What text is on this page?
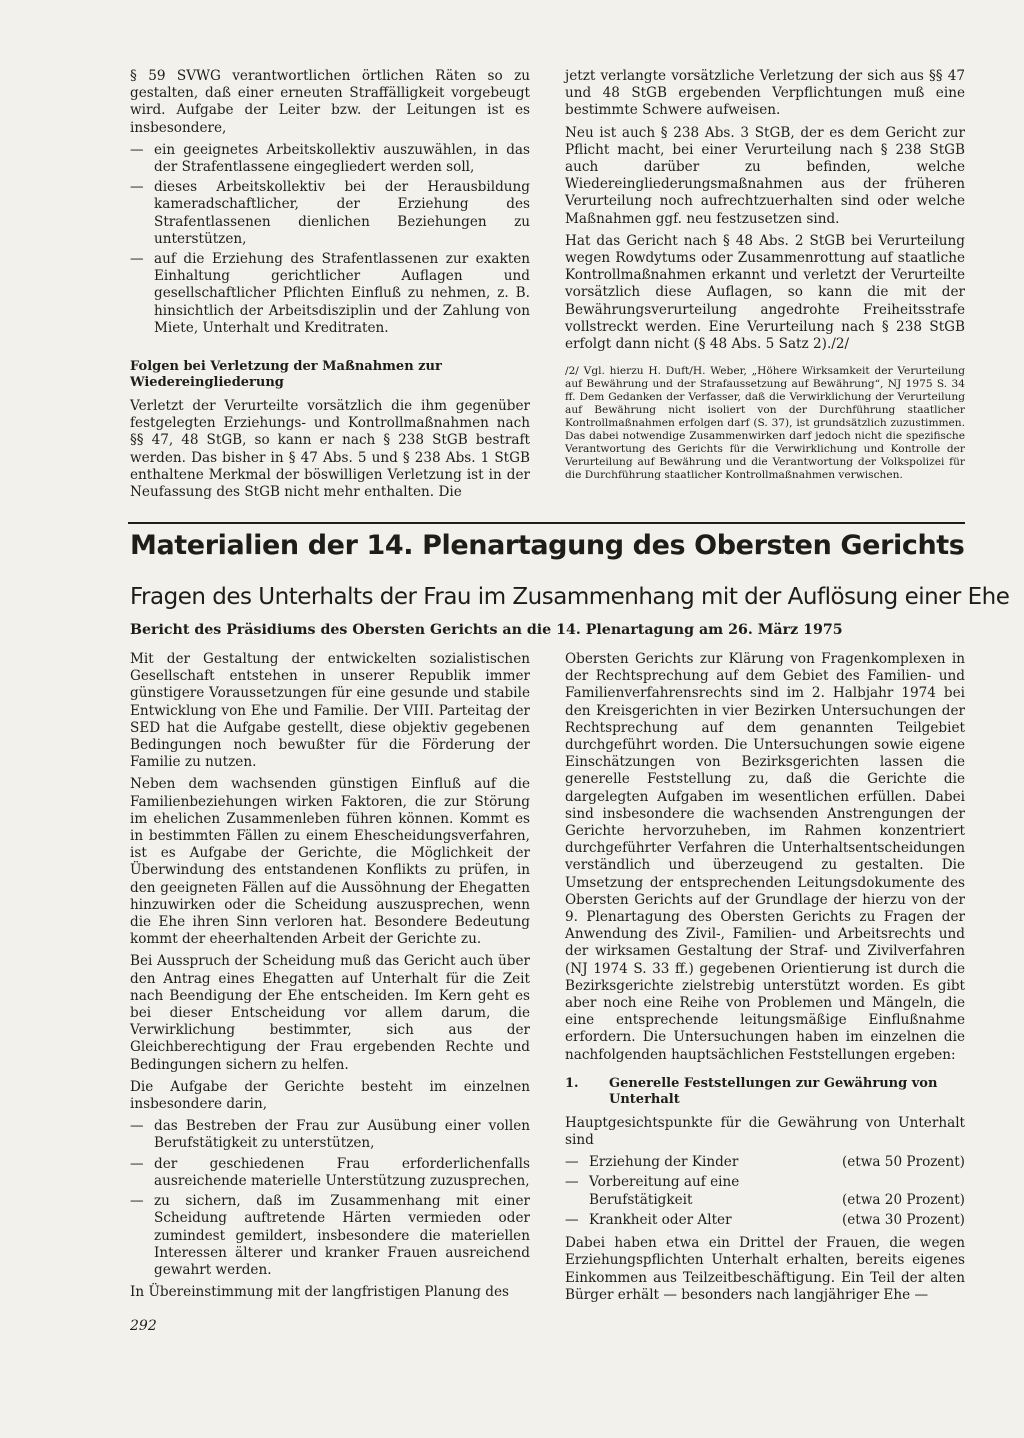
§ 59 SVWG verantwortlichen örtlichen Räten so zu gestalten, daß einer erneuten Straffälligkeit vorgebeugt wird. Aufgabe der Leiter bzw. der Leitungen ist es insbesondere,

— ein geeignetes Arbeitskollektiv auszuwählen, in das der Strafentlassene eingegliedert werden soll,
— dieses Arbeitskollektiv bei der Herausbildung kameradschaftlicher, der Erziehung des Strafentlassenen dienlichen Beziehungen zu unterstützen,
— auf die Erziehung des Strafentlassenen zur exakten Einhaltung gerichtlicher Auflagen und gesellschaftlicher Pflichten Einfluß zu nehmen, z. B. hinsichtlich der Arbeitsdisziplin und der Zahlung von Miete, Unterhalt und Kreditraten.
Folgen bei Verletzung der Maßnahmen zur Wiedereingliederung

Verletzt der Verurteilte vorsätzlich die ihm gegenüber festgelegten Erziehungs- und Kontrollmaßnahmen nach §§ 47, 48 StGB, so kann er nach § 238 StGB bestraft werden. Das bisher in § 47 Abs. 5 und § 238 Abs. 1 StGB enthaltene Merkmal der böswilligen Verletzung ist in der Neufassung des StGB nicht mehr enthalten. Die

jetzt verlangte vorsätzliche Verletzung der sich aus §§ 47 und 48 StGB ergebenden Verpflichtungen muß eine bestimmte Schwere aufweisen.

Neu ist auch § 238 Abs. 3 StGB, der es dem Gericht zur Pflicht macht, bei einer Verurteilung nach § 238 StGB auch darüber zu befinden, welche Wiedereingliederungsmaßnahmen aus der früheren Verurteilung noch aufrechtzuerhalten sind oder welche Maßnahmen ggf. neu festzusetzen sind.

Hat das Gericht nach § 48 Abs. 2 StGB bei Verurteilung wegen Rowdytums oder Zusammenrottung auf staatliche Kontrollmaßnahmen erkannt und verletzt der Verurteilte vorsätzlich diese Auflagen, so kann die mit der Bewährungsverurteilung angedrohte Freiheitsstrafe vollstreckt werden. Eine Verurteilung nach § 238 StGB erfolgt dann nicht (§ 48 Abs. 5 Satz 2)./2/

/2/ Vgl. hierzu H. Duft/H. Weber, „Höhere Wirksamkeit der Verurteilung auf Bewährung und der Strafaussetzung auf Bewährung“, NJ 1975 S. 34 ff. Dem Gedanken der Verfasser, daß die Verwirklichung der Verurteilung auf Bewährung nicht isoliert von der Durchführung staatlicher Kontrollmaßnahmen erfolgen darf (S. 37), ist grundsätzlich zuzustimmen. Das dabei notwendige Zusammenwirken darf jedoch nicht die spezifische Verantwortung des Gerichts für die Verwirklichung und Kontrolle der Verurteilung auf Bewährung und die Verantwortung der Volkspolizei für die Durchführung staatlicher Kontrollmaßnahmen verwischen.
Materialien der 14. Plenartagung des Obersten Gerichts
Fragen des Unterhalts der Frau im Zusammenhang mit der Auflösung einer Ehe
Bericht des Präsidiums des Obersten Gerichts an die 14. Plenartagung am 26. März 1975

Mit der Gestaltung der entwickelten sozialistischen Gesellschaft entstehen in unserer Republik immer günstigere Voraussetzungen für eine gesunde und stabile Entwicklung von Ehe und Familie. Der VIII. Parteitag der SED hat die Aufgabe gestellt, diese objektiv gegebenen Bedingungen noch bewußter für die Förderung der Familie zu nutzen.

Neben dem wachsenden günstigen Einfluß auf die Familienbeziehungen wirken Faktoren, die zur Störung im ehelichen Zusammenleben führen können. Kommt es in bestimmten Fällen zu einem Ehescheidungsverfahren, ist es Aufgabe der Gerichte, die Möglichkeit der Überwindung des entstandenen Konflikts zu prüfen, in den geeigneten Fällen auf die Aussöhnung der Ehegatten hinzuwirken oder die Scheidung auszusprechen, wenn die Ehe ihren Sinn verloren hat. Besondere Bedeutung kommt der eheerhaltenden Arbeit der Gerichte zu.

Bei Ausspruch der Scheidung muß das Gericht auch über den Antrag eines Ehegatten auf Unterhalt für die Zeit nach Beendigung der Ehe entscheiden. Im Kern geht es bei dieser Entscheidung vor allem darum, die Verwirklichung bestimmter, sich aus der Gleichberechtigung der Frau ergebenden Rechte und Bedingungen sichern zu helfen.

Die Aufgabe der Gerichte besteht im einzelnen insbesondere darin,

— das Bestreben der Frau zur Ausübung einer vollen Berufstätigkeit zu unterstützen,
— der geschiedenen Frau erforderlichenfalls ausreichende materielle Unterstützung zuzusprechen,
— zu sichern, daß im Zusammenhang mit einer Scheidung auftretende Härten vermieden oder zumindest gemildert, insbesondere die materiellen Interessen älterer und kranker Frauen ausreichend gewahrt werden.

In Übereinstimmung mit der langfristigen Planung des

Obersten Gerichts zur Klärung von Fragenkomplexen in der Rechtsprechung auf dem Gebiet des Familien- und Familienverfahrensrechts sind im 2. Halbjahr 1974 bei den Kreisgerichten in vier Bezirken Untersuchungen der Rechtsprechung auf dem genannten Teilgebiet durchgeführt worden. Die Untersuchungen sowie eigene Einschätzungen von Bezirksgerichten lassen die generelle Feststellung zu, daß die Gerichte die dargelegten Aufgaben im wesentlichen erfüllen. Dabei sind insbesondere die wachsenden Anstrengungen der Gerichte hervorzuheben, im Rahmen konzentriert durchgeführter Verfahren die Unterhaltsentscheidungen verständlich und überzeugend zu gestalten. Die Umsetzung der entsprechenden Leitungsdokumente des Obersten Gerichts auf der Grundlage der hierzu von der 9. Plenartagung des Obersten Gerichts zu Fragen der Anwendung des Zivil-, Familien- und Arbeitsrechts und der wirksamen Gestaltung der Straf- und Zivilverfahren (NJ 1974 S. 33 ff.) gegebenen Orientierung ist durch die Bezirksgerichte zielstrebig unterstützt worden. Es gibt aber noch eine Reihe von Problemen und Mängeln, die eine entsprechende leitungsmäßige Einflußnahme erfordern. Die Untersuchungen haben im einzelnen die nachfolgenden hauptsächlichen Feststellungen ergeben:

1.	Generelle Feststellungen zur Gewährung von Unterhalt

Hauptgesichtspunkte für die Gewährung von Unterhalt sind

— Erziehung der Kinder	(etwa 50 Prozent)
— Vorbereitung auf eine Berufstätigkeit	(etwa 20 Prozent)
— Krankheit oder Alter	(etwa 30 Prozent)

Dabei haben etwa ein Drittel der Frauen, die wegen Erziehungspflichten Unterhalt erhalten, bereits eigenes Einkommen aus Teilzeitbeschäftigung. Ein Teil der alten Bürger erhält — besonders nach langjähriger Ehe —

292
